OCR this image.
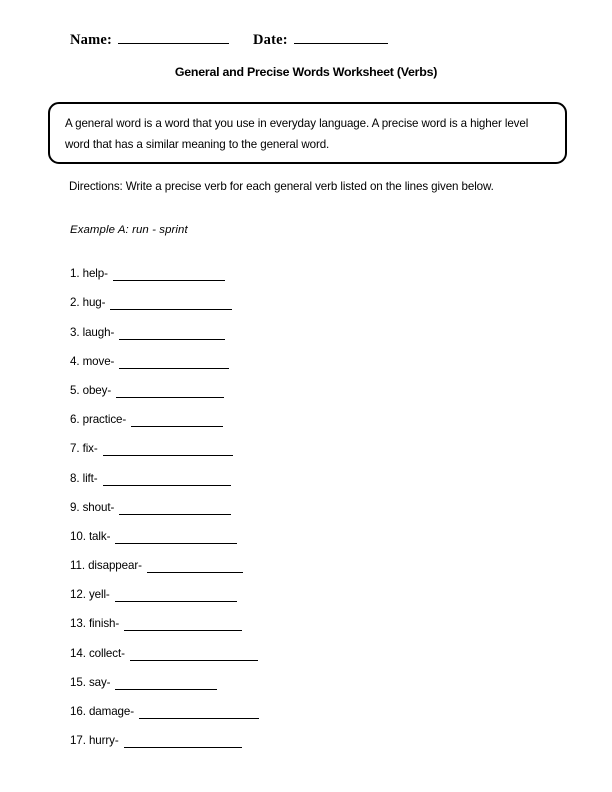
Name:	Date:
General and Precise Words Worksheet (Verbs)
A general word is a word that you use in everyday language. A precise word is a higher level word that has a similar meaning to the general word.
Directions: Write a precise verb for each general verb listed on the lines given below.
Example A: run - sprint
1. help-
2. hug-
3. laugh-
4. move-
5. obey-
6. practice-
7. fix-
8. lift-
9. shout-
10. talk-
11. disappear-
12. yell-
13. finish-
14. collect-
15. say-
16. damage-
17. hurry-
